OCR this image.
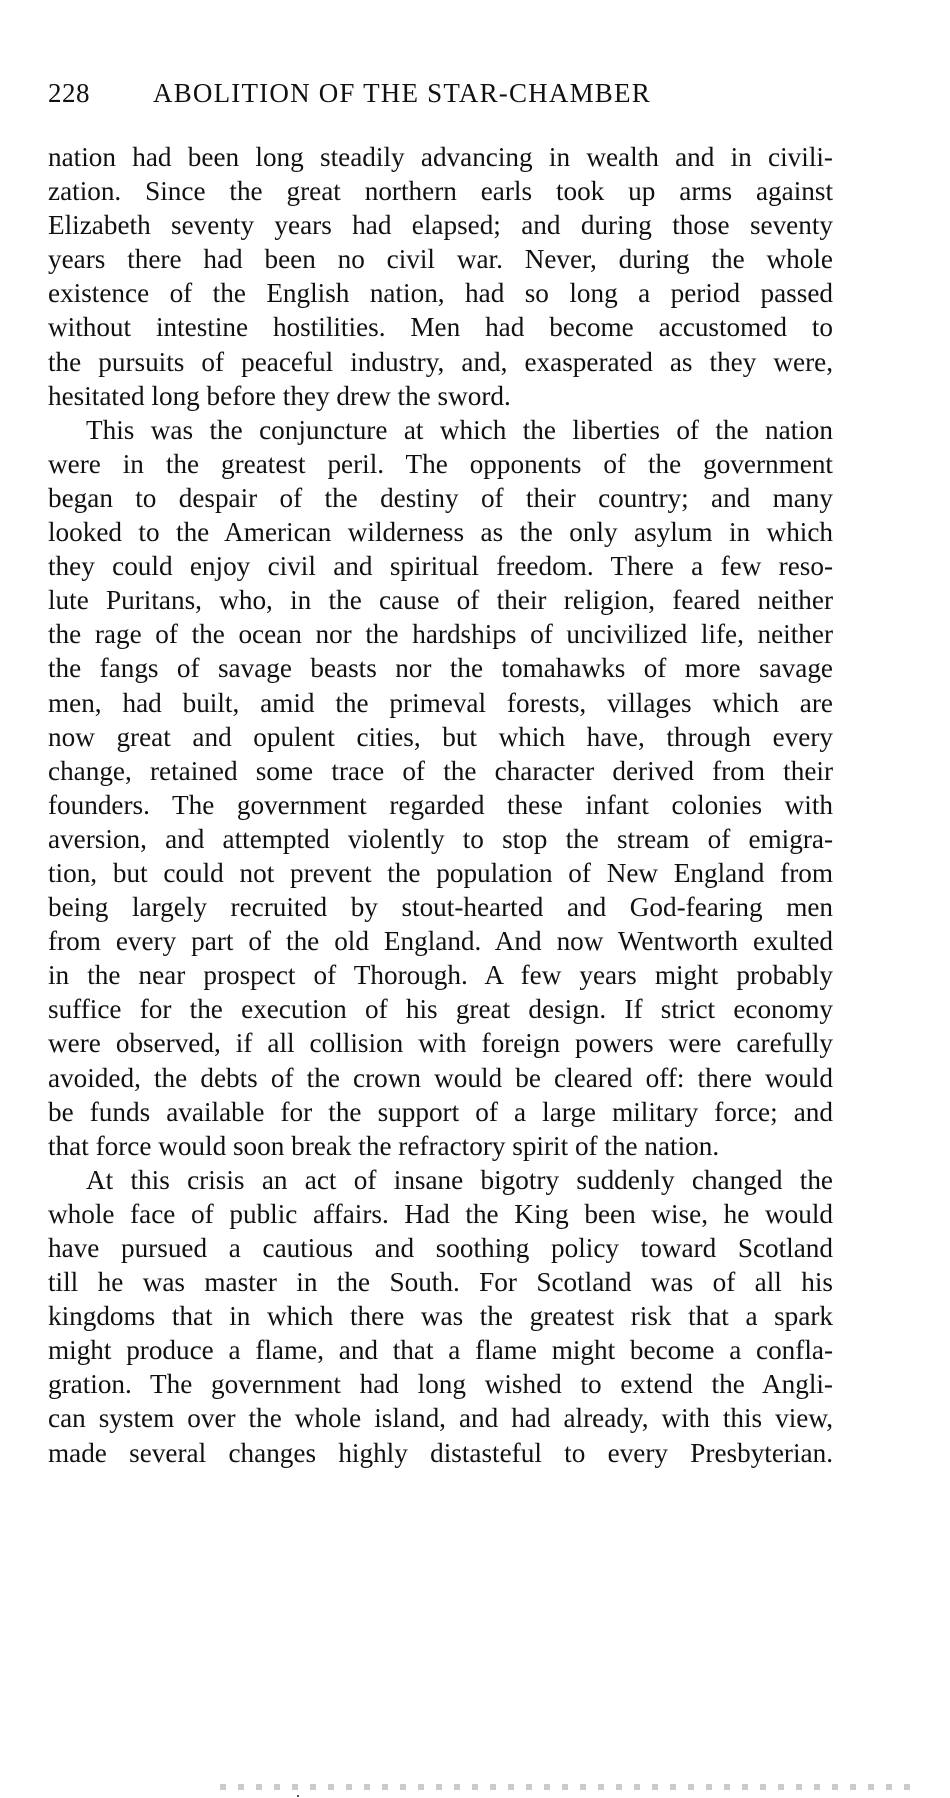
228 ABOLITION OF THE STAR-CHAMBER
nation had been long steadily advancing in wealth and in civili-
zation. Since the great northern earls took up arms against
Elizabeth seventy years had elapsed; and during those seventy
years there had been no civil war. Never, during the whole
existence of the English nation, had so long a period passed
without intestine hostilities. Men had become accustomed to
the pursuits of peaceful industry, and, exasperated as they were,
hesitated long before they drew the sword.
This was the conjuncture at which the liberties of the nation
were in the greatest peril. The opponents of the government
began to despair of the destiny of their country; and many
looked to the American wilderness as the only asylum in which
they could enjoy civil and spiritual freedom. There a few reso-
lute Puritans, who, in the cause of their religion, feared neither
the rage of the ocean nor the hardships of uncivilized life, neither
the fangs of savage beasts nor the tomahawks of more savage
men, had built, amid the primeval forests, villages which are
now great and opulent cities, but which have, through every
change, retained some trace of the character derived from their
founders. The government regarded these infant colonies with
aversion, and attempted violently to stop the stream of emigra-
tion, but could not prevent the population of New England from
being largely recruited by stout-hearted and God-fearing men
from every part of the old England. And now Wentworth exulted
in the near prospect of Thorough. A few years might probably
suffice for the execution of his great design. If strict economy
were observed, if all collision with foreign powers were carefully
avoided, the debts of the crown would be cleared off: there would
be funds available for the support of a large military force; and
that force would soon break the refractory spirit of the nation.
At this crisis an act of insane bigotry suddenly changed the
whole face of public affairs. Had the King been wise, he would
have pursued a cautious and soothing policy toward Scotland
till he was master in the South. For Scotland was of all his
kingdoms that in which there was the greatest risk that a spark
might produce a flame, and that a flame might become a confla-
gration. The government had long wished to extend the Angli-
can system over the whole island, and had already, with this view,
made several changes highly distasteful to every Presbyterian.
